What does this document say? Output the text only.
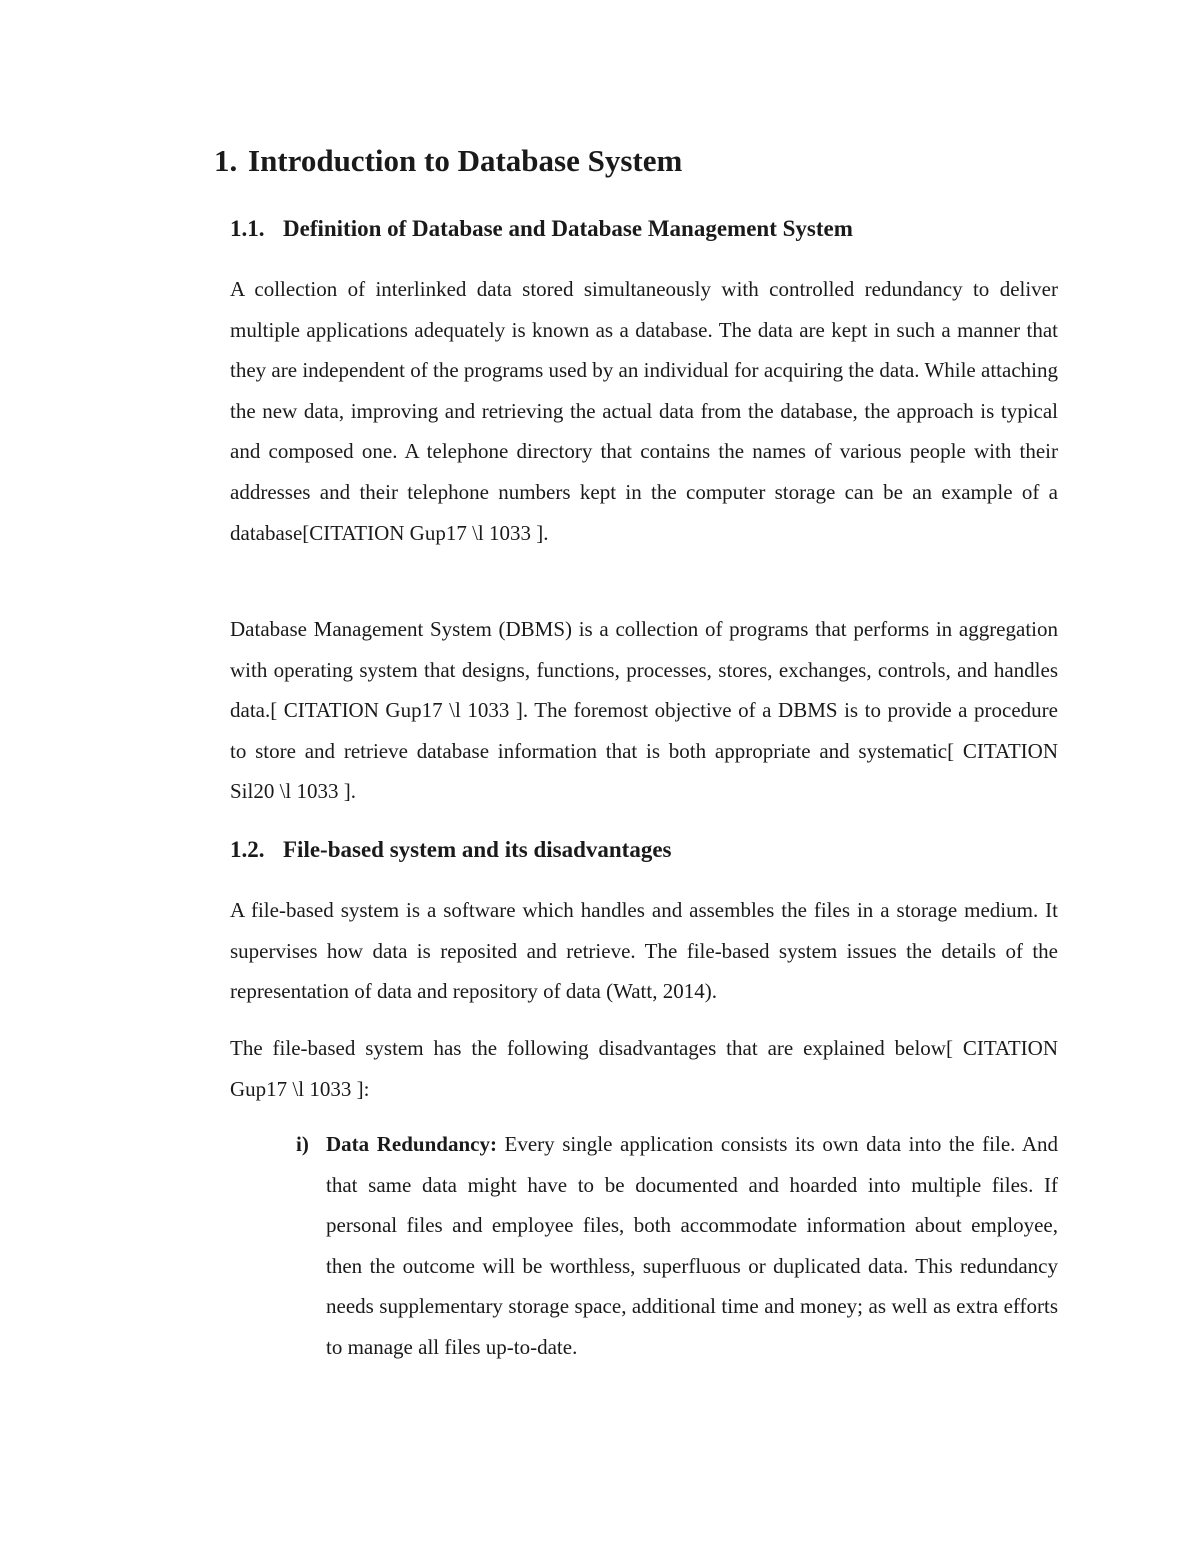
1. Introduction to Database System
1.1. Definition of Database and Database Management System

A collection of interlinked data stored simultaneously with controlled redundancy to deliver multiple applications adequately is known as a database. The data are kept in such a manner that they are independent of the programs used by an individual for acquiring the data. While attaching the new data, improving and retrieving the actual data from the database, the approach is typical and composed one. A telephone directory that contains the names of various people with their addresses and their telephone numbers kept in the computer storage can be an example of a database[CITATION Gup17 \l 1033 ].

Database Management System (DBMS) is a collection of programs that performs in aggregation with operating system that designs, functions, processes, stores, exchanges, controls, and handles data.[ CITATION Gup17 \l 1033 ]. The foremost objective of a DBMS is to provide a procedure to store and retrieve database information that is both appropriate and systematic[ CITATION Sil20 \l 1033 ].

1.2. File-based system and its disadvantages

A file-based system is a software which handles and assembles the files in a storage medium. It supervises how data is reposited and retrieve. The file-based system issues the details of the representation of data and repository of data (Watt, 2014).

The file-based system has the following disadvantages that are explained below[ CITATION Gup17 \l 1033 ]:

i) Data Redundancy: Every single application consists its own data into the file. And that same data might have to be documented and hoarded into multiple files. If personal files and employee files, both accommodate information about employee, then the outcome will be worthless, superfluous or duplicated data. This redundancy needs supplementary storage space, additional time and money; as well as extra efforts to manage all files up-to-date.
